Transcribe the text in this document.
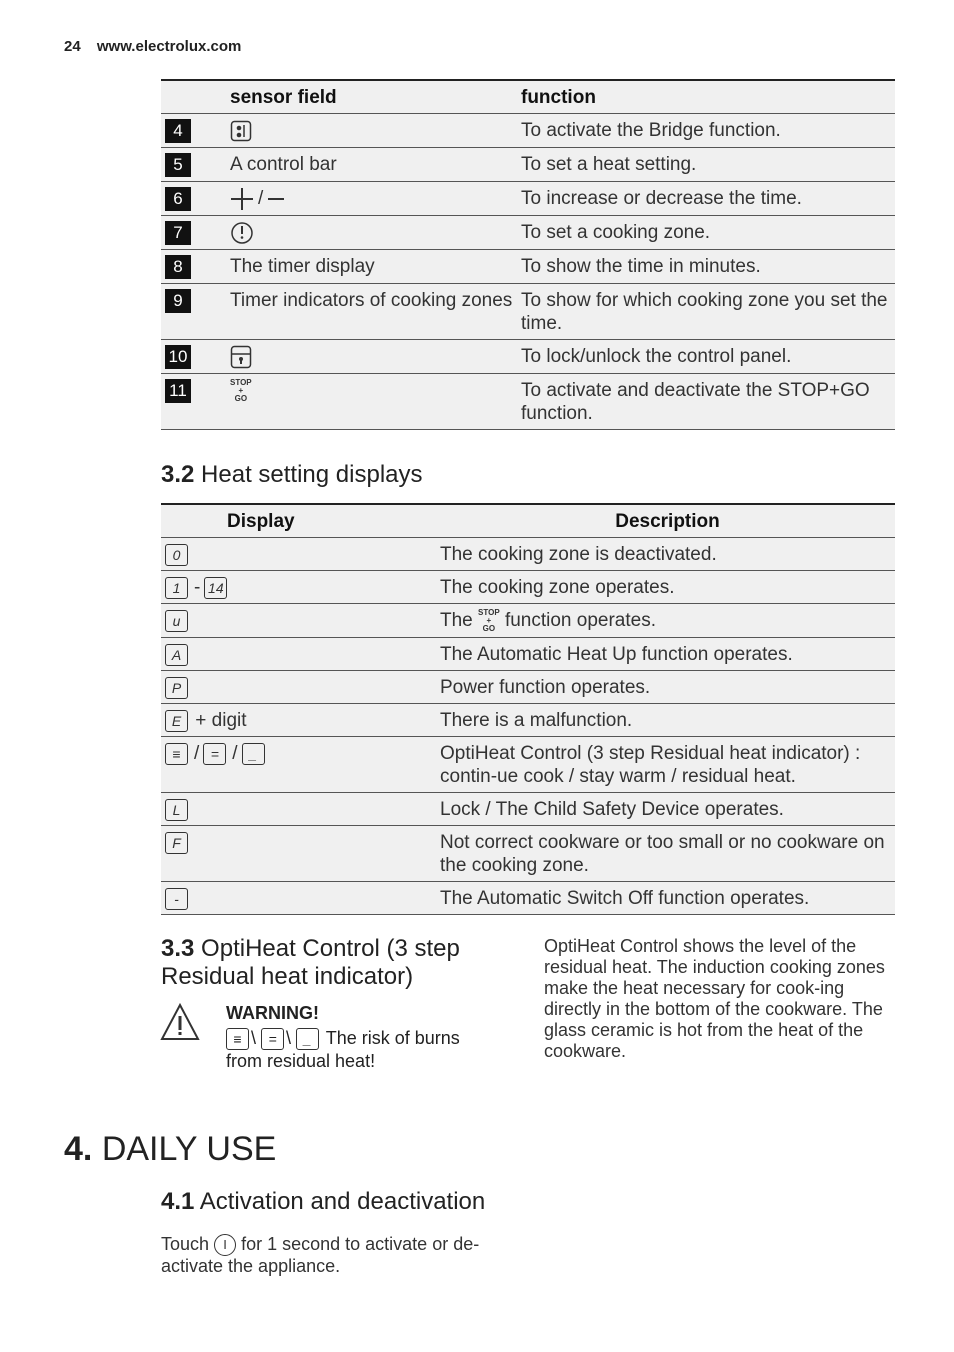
24 www.electrolux.com
	sensor field	function
4		To activate the Bridge function.
5	A control bar	To set a heat setting.
6	/	To increase or decrease the time.
7		To set a cooking zone.
8	The timer display	To show the time in minutes.
9	Timer indicators of cooking zones	To show for which cooking zone you set the time.
10		To lock/unlock the control panel.
11	STOP
+
GO	To activate and deactivate the STOP+GO function.
3.2 Heat setting displays
Display	Description
0	The cooking zone is deactivated.
1 - 14	The cooking zone operates.
u	The STOP
+
GO function operates.
A	The Automatic Heat Up function operates.
P	Power function operates.
E + digit	There is a malfunction.
≡ / = / _	OptiHeat Control (3 step Residual heat indicator) : contin-ue cook / stay warm / residual heat.
L	Lock / The Child Safety Device operates.
F	Not correct cookware or too small or no cookware on the cooking zone.
-	The Automatic Switch Off function operates.
3.3 OptiHeat Control (3 step Residual heat indicator)
WARNING!
≡ \ = \ _ The risk of burns from residual heat!
OptiHeat Control shows the level of the residual heat. The induction cooking zones make the heat necessary for cook-ing directly in the bottom of the cookware. The glass ceramic is hot from the heat of the cookware.
4. DAILY USE
4.1 Activation and deactivation
Touch I for 1 second to activate or de-activate the appliance.
